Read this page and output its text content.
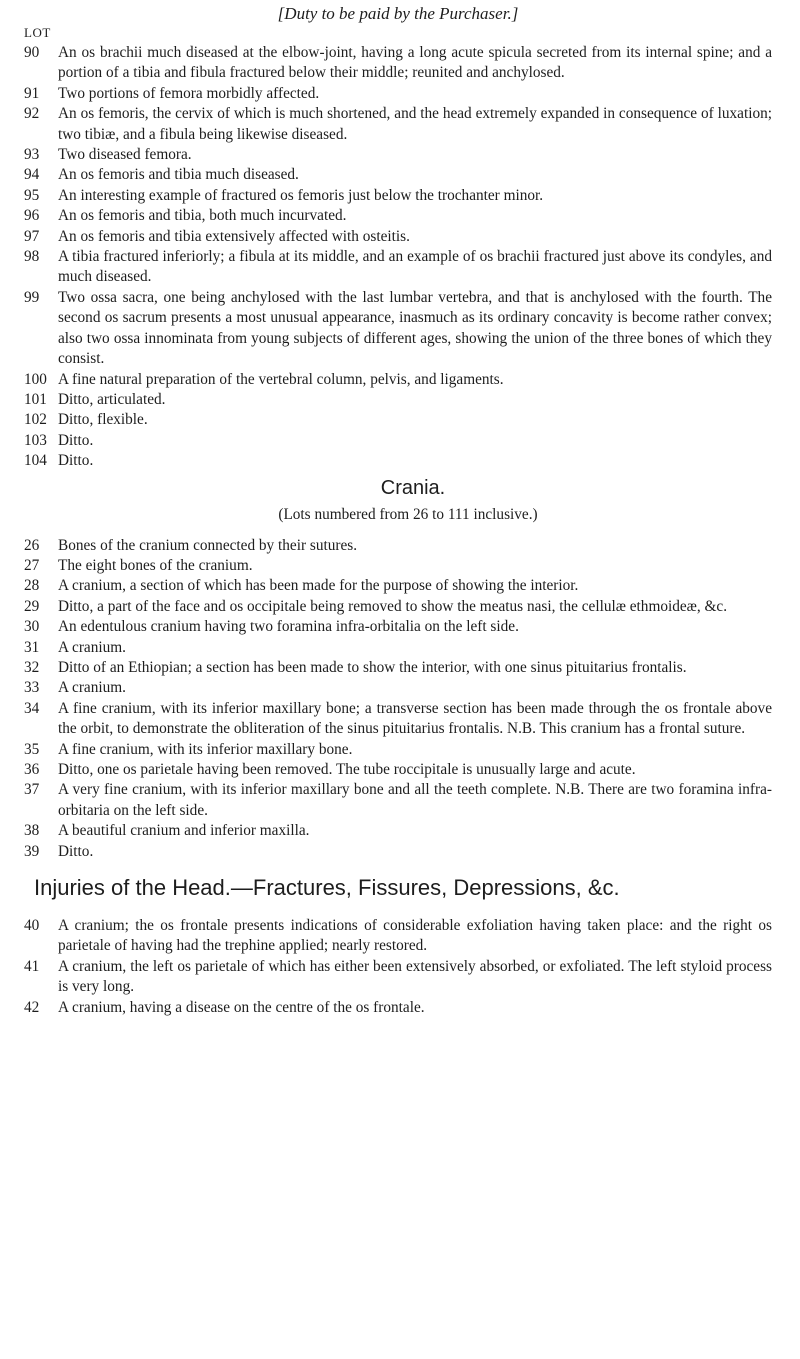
[Duty to be paid by the Purchaser.]
LOT
90	An os brachii much diseased at the elbow-joint, having a long acute spicula secreted from its internal spine; and a portion of a tibia and fibula fractured below their middle; reunited and anchylosed.
91	Two portions of femora morbidly affected.
92	An os femoris, the cervix of which is much shortened, and the head extremely expanded in consequence of luxation; two tibiæ, and a fibula being likewise diseased.
93	Two diseased femora.
94	An os femoris and tibia much diseased.
95	An interesting example of fractured os femoris just below the trochanter minor.
96	An os femoris and tibia, both much incurvated.
97	An os femoris and tibia extensively affected with osteitis.
98	A tibia fractured inferiorly; a fibula at its middle, and an example of os brachii fractured just above its condyles, and much diseased.
99	Two ossa sacra, one being anchylosed with the last lumbar vertebra, and that is anchylosed with the fourth. The second os sacrum presents a most unusual appearance, inasmuch as its ordinary concavity is become rather convex; also two ossa innominata from young subjects of different ages, showing the union of the three bones of which they consist.
100 A fine natural preparation of the vertebral column, pelvis, and ligaments.
101 Ditto, articulated.
102 Ditto, flexible.
103 Ditto.
104 Ditto.
Crania.
(Lots numbered from 26 to 111 inclusive.)
26	Bones of the cranium connected by their sutures.
27	The eight bones of the cranium.
28	A cranium, a section of which has been made for the purpose of showing the interior.
29	Ditto, a part of the face and os occipitale being removed to show the meatus nasi, the cellulæ ethmoideæ, &c.
30	An edentulous cranium having two foramina infra-orbitalia on the left side.
31	A cranium.
32	Ditto of an Ethiopian; a section has been made to show the interior, with one sinus pituitarius frontalis.
33	A cranium.
34	A fine cranium, with its inferior maxillary bone; a transverse section has been made through the os frontale above the orbit, to demonstrate the obliteration of the sinus pituitarius frontalis. N.B. This cranium has a frontal suture.
35	A fine cranium, with its inferior maxillary bone.
36	Ditto, one os parietale having been removed. The tube roccipitale is unusually large and acute.
37	A very fine cranium, with its inferior maxillary bone and all the teeth complete. N.B. There are two foramina infra-orbitaria on the left side.
38	A beautiful cranium and inferior maxilla.
39	Ditto.
Injuries of the Head.—Fractures, Fissures, Depressions, &c.
40	A cranium; the os frontale presents indications of considerable exfoliation having taken place: and the right os parietale of having had the trephine applied; nearly restored.
41	A cranium, the left os parietale of which has either been extensively absorbed, or exfoliated. The left styloid process is very long.
42	A cranium, having a disease on the centre of the os frontale.
